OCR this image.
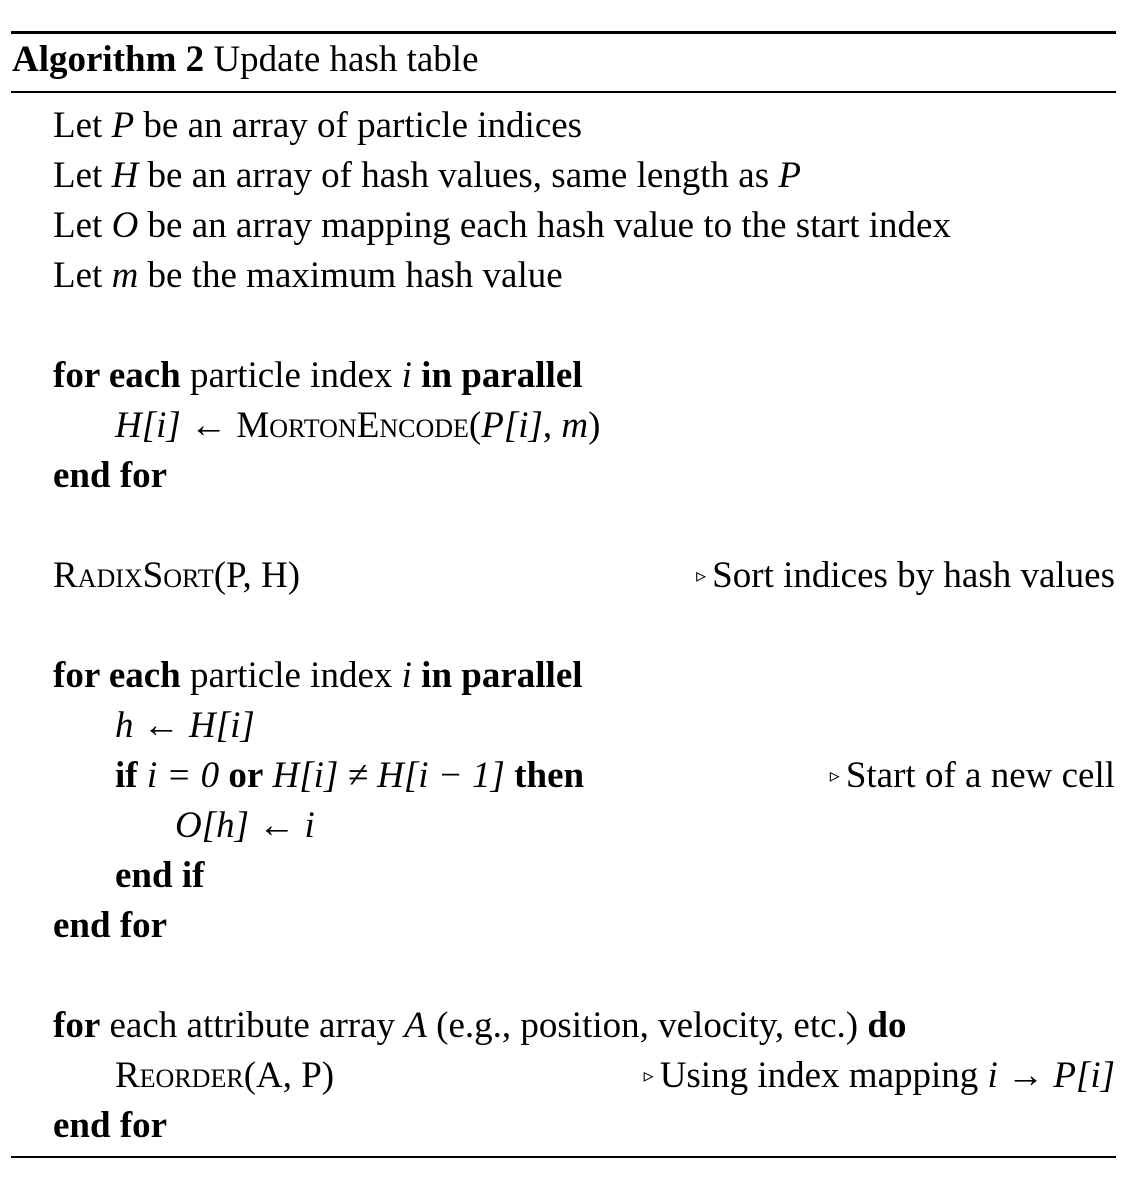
Algorithm 2 Update hash table
Let P be an array of particle indices
Let H be an array of hash values, same length as P
Let O be an array mapping each hash value to the start index
Let m be the maximum hash value
for each particle index i in parallel
H[i] ← MortonEncode(P[i], m)
end for
RadixSort(P, H)	▹ Sort indices by hash values
for each particle index i in parallel
h ← H[i]
if i = 0 or H[i] ≠ H[i − 1] then	▹ Start of a new cell
O[h] ← i
end if
end for
for each attribute array A (e.g., position, velocity, etc.) do
Reorder(A, P)	▹ Using index mapping i → P[i]
end for
